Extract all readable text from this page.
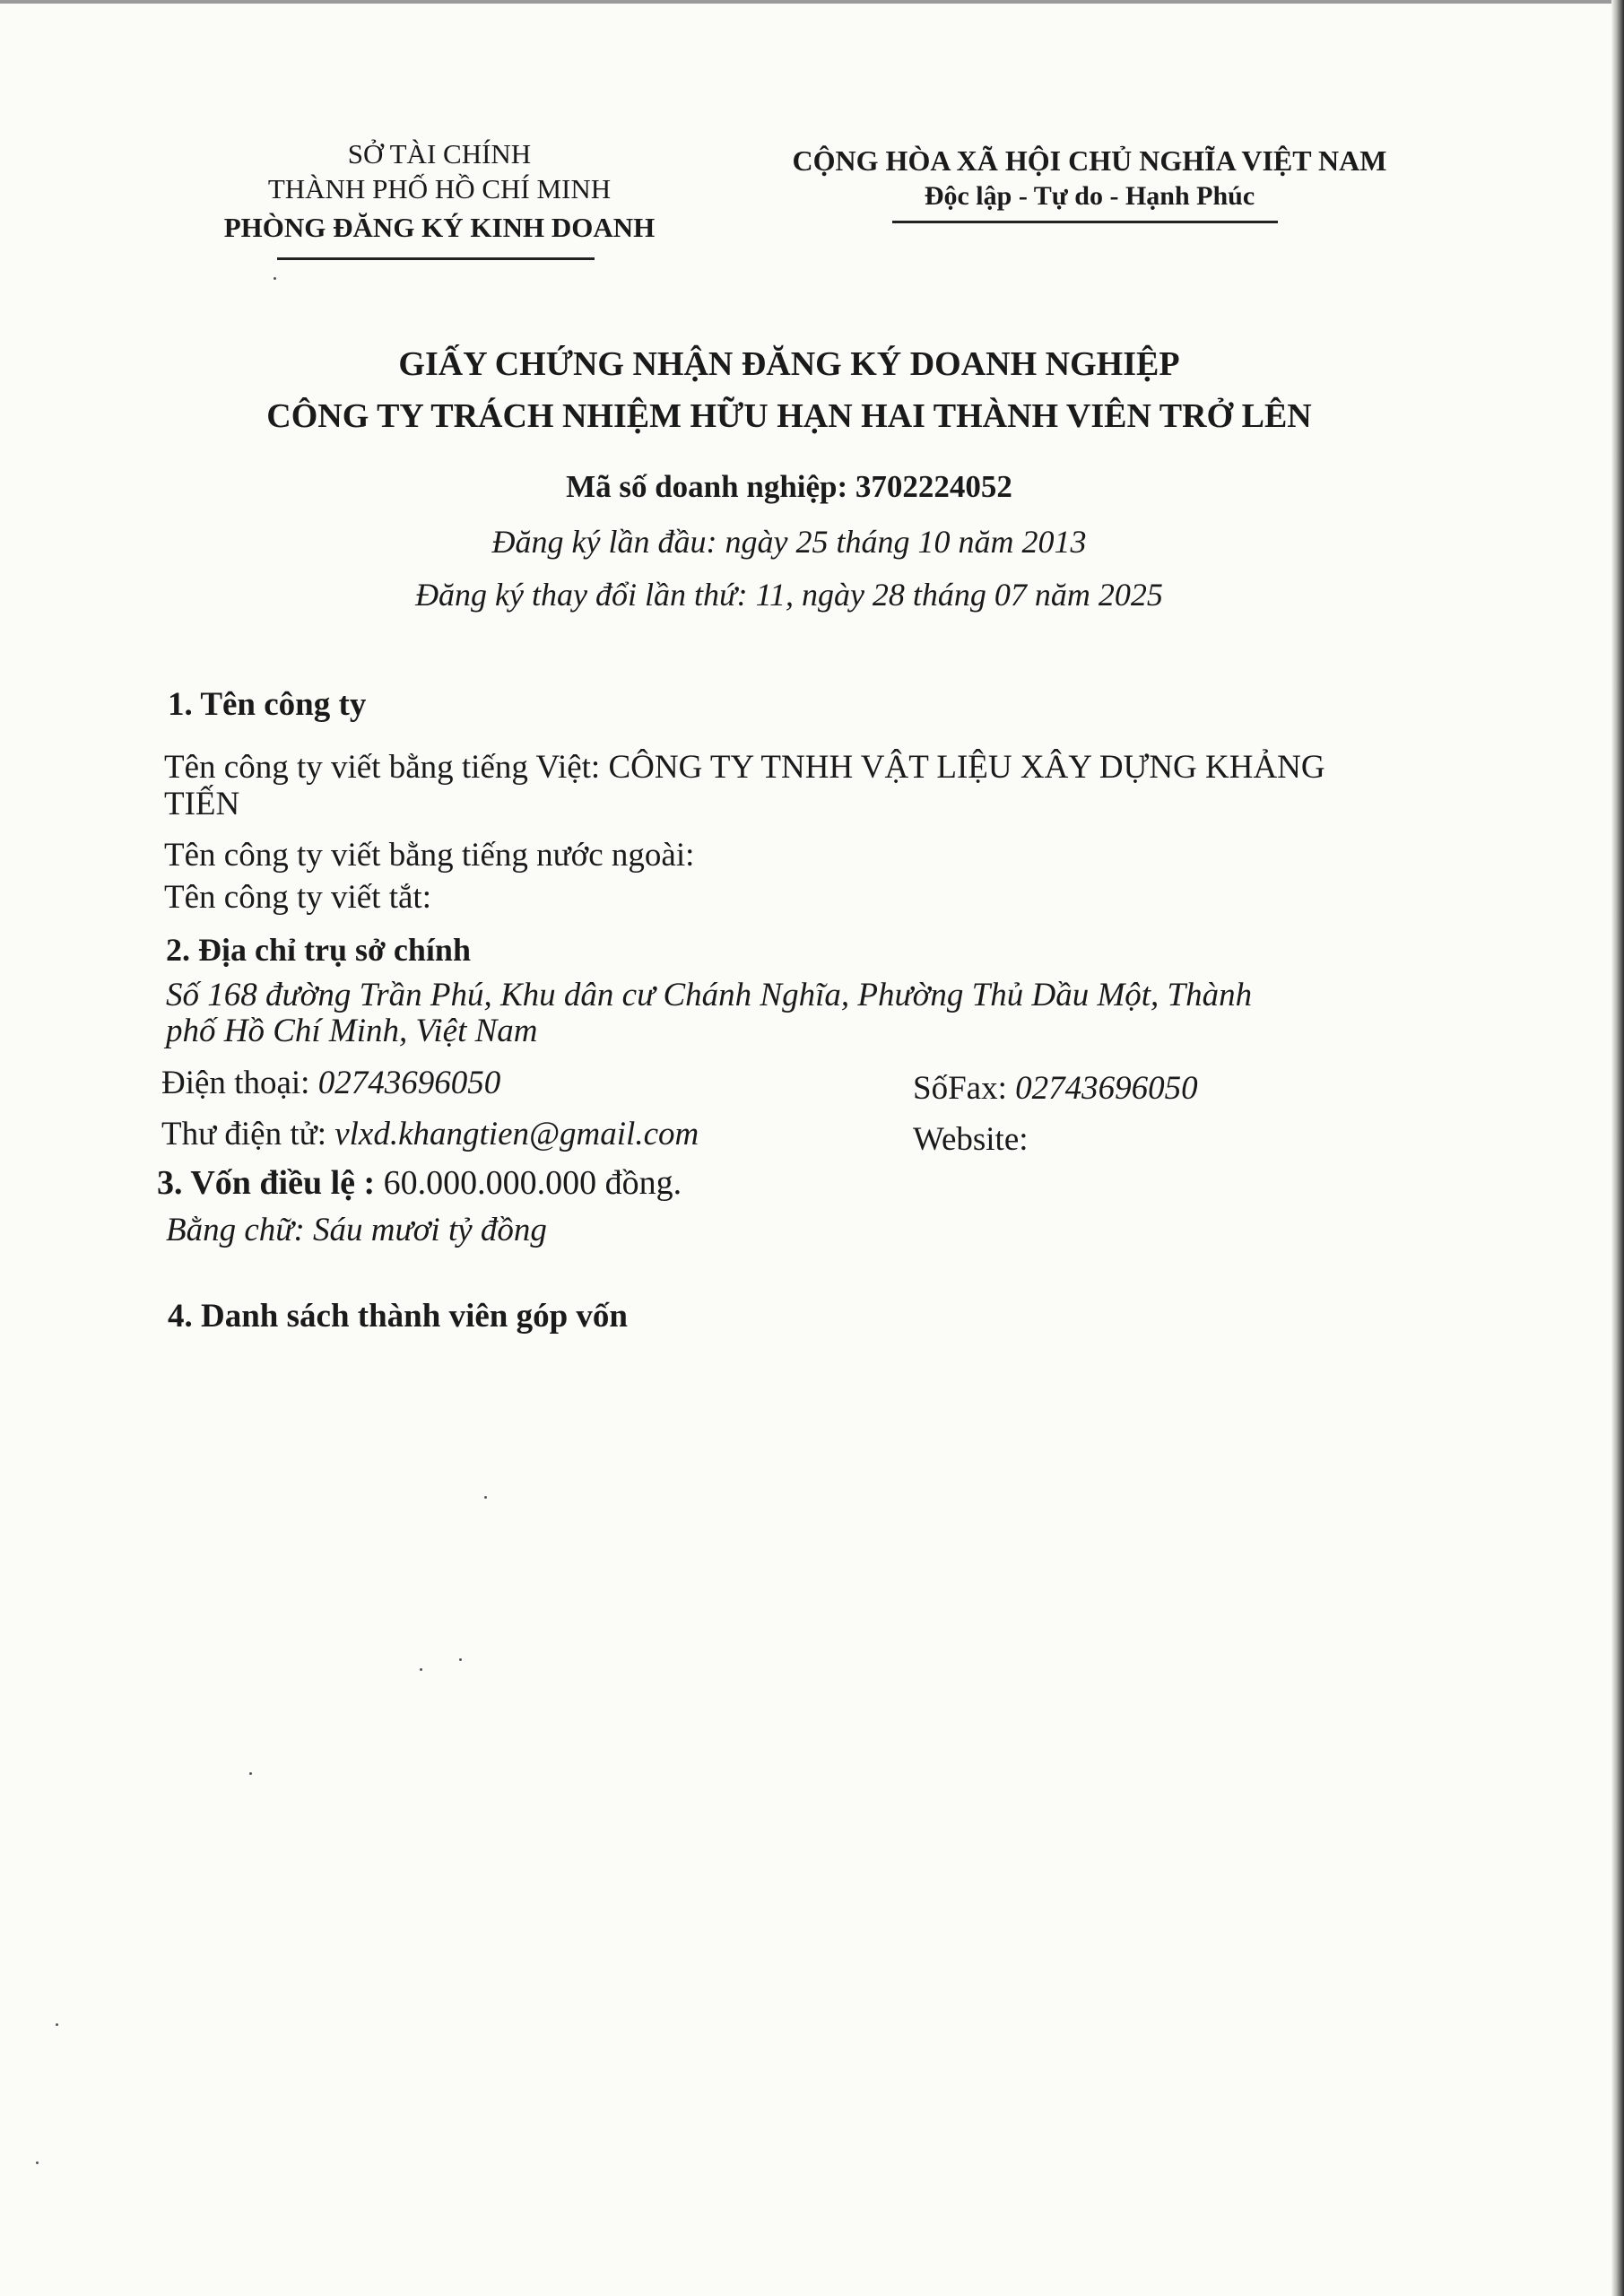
SỞ TÀI CHÍNH
THÀNH PHỐ HỒ CHÍ MINH
PHÒNG ĐĂNG KÝ KINH DOANH
CỘNG HÒA XÃ HỘI CHỦ NGHĨA VIỆT NAM
Độc lập - Tự do - Hạnh Phúc
GIẤY CHỨNG NHẬN ĐĂNG KÝ DOANH NGHIỆP
CÔNG TY TRÁCH NHIỆM HỮU HẠN HAI THÀNH VIÊN TRỞ LÊN
Mã số doanh nghiệp: 3702224052
Đăng ký lần đầu: ngày 25 tháng 10 năm 2013
Đăng ký thay đổi lần thứ: 11, ngày 28 tháng 07 năm 2025
1. Tên công ty
Tên công ty viết bằng tiếng Việt: CÔNG TY TNHH VẬT LIỆU XÂY DỰNG KHẢNG
TIẾN
Tên công ty viết bằng tiếng nước ngoài:
Tên công ty viết tắt:
2. Địa chỉ trụ sở chính
Số 168 đường Trần Phú, Khu dân cư Chánh Nghĩa, Phường Thủ Dầu Một, Thành
phố Hồ Chí Minh, Việt Nam
Điện thoại: 02743696050	SốFax: 02743696050
Thư điện tử: vlxd.khangtien@gmail.com	Website:
3. Vốn điều lệ : 60.000.000.000 đồng.
Bằng chữ: Sáu mươi tỷ đồng
4. Danh sách thành viên góp vốn
